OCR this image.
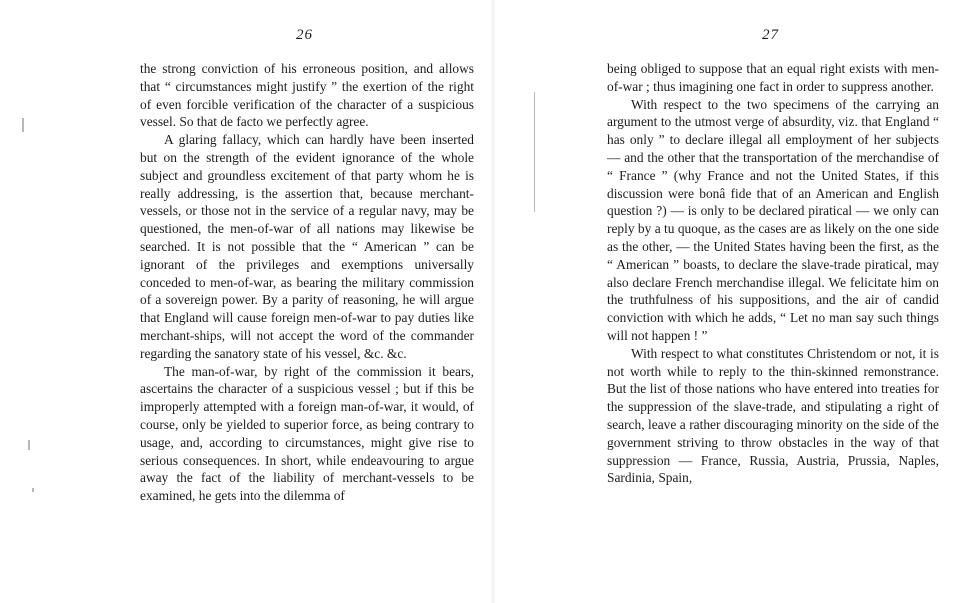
26

the strong conviction of his erroneous position, and allows that “ circumstances might justify ” the exertion of the right of even forcible verification of the character of a suspicious vessel. So that de facto we perfectly agree.

A glaring fallacy, which can hardly have been inserted but on the strength of the evident ignorance of the whole subject and groundless excitement of that party whom he is really addressing, is the assertion that, because merchant-vessels, or those not in the service of a regular navy, may be questioned, the men-of-war of all nations may likewise be searched. It is not possible that the “ American ” can be ignorant of the privileges and exemptions universally conceded to men-of-war, as bearing the military commission of a sovereign power. By a parity of reasoning, he will argue that England will cause foreign men-of-war to pay duties like merchant-ships, will not accept the word of the commander regarding the sanatory state of his vessel, &c. &c.

The man-of-war, by right of the commission it bears, ascertains the character of a suspicious vessel ; but if this be improperly attempted with a foreign man-of-war, it would, of course, only be yielded to superior force, as being contrary to usage, and, according to circumstances, might give rise to serious consequences. In short, while endeavouring to argue away the fact of the liability of merchant-vessels to be examined, he gets into the dilemma of

27

being obliged to suppose that an equal right exists with men-of-war ; thus imagining one fact in order to suppress another.

With respect to the two specimens of the carrying an argument to the utmost verge of absurdity, viz. that England “ has only ” to declare illegal all employment of her subjects — and the other that the transportation of the merchandise of “ France ” (why France and not the United States, if this discussion were bonâ fide that of an American and English question ?) — is only to be declared piratical — we only can reply by a tu quoque, as the cases are as likely on the one side as the other, — the United States having been the first, as the “ American ” boasts, to declare the slave-trade piratical, may also declare French merchandise illegal. We felicitate him on the truthfulness of his suppositions, and the air of candid conviction with which he adds, “ Let no man say such things will not happen ! ”

With respect to what constitutes Christendom or not, it is not worth while to reply to the thin-skinned remonstrance. But the list of those nations who have entered into treaties for the suppression of the slave-trade, and stipulating a right of search, leave a rather discouraging minority on the side of the government striving to throw obstacles in the way of that suppression — France, Russia, Austria, Prussia, Naples, Sardinia, Spain,
